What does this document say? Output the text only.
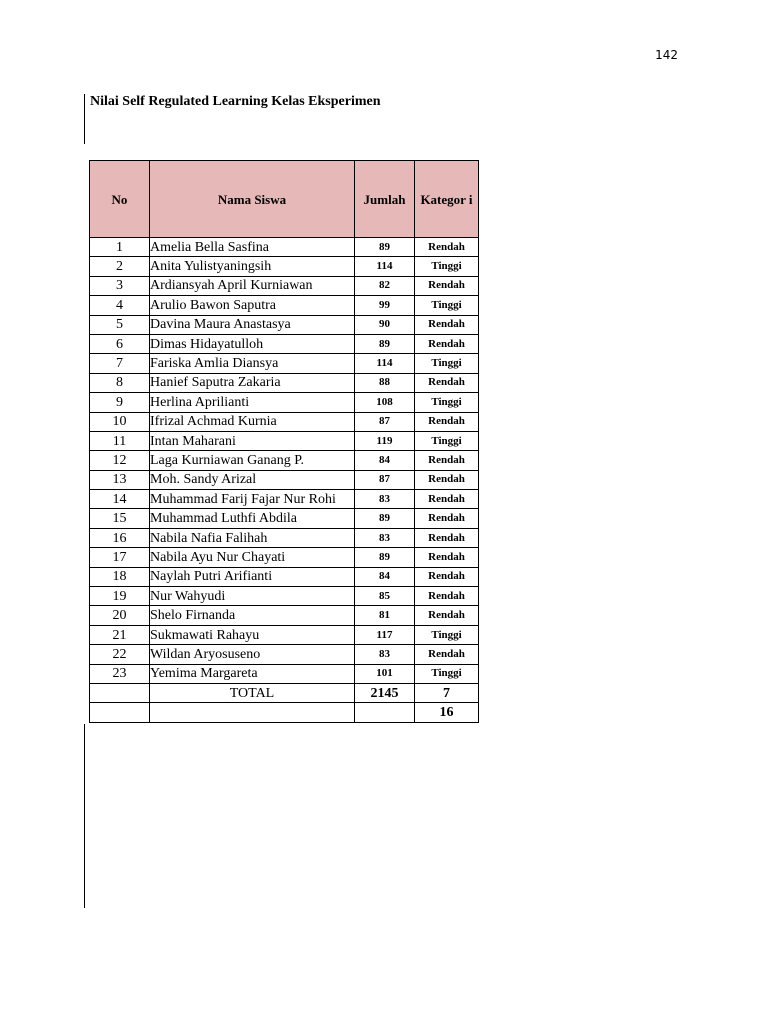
142
Nilai Self Regulated Learning Kelas Eksperimen
No	Nama Siswa	Jumlah	Kategor i
1	Amelia Bella Sasfina	89	Rendah
2	Anita Yulistyaningsih	114	Tinggi
3	Ardiansyah April Kurniawan	82	Rendah
4	Arulio Bawon Saputra	99	Tinggi
5	Davina Maura Anastasya	90	Rendah
6	Dimas Hidayatulloh	89	Rendah
7	Fariska Amlia Diansya	114	Tinggi
8	Hanief Saputra Zakaria	88	Rendah
9	Herlina Aprilianti	108	Tinggi
10	Ifrizal Achmad Kurnia	87	Rendah
11	Intan Maharani	119	Tinggi
12	Laga Kurniawan Ganang P.	84	Rendah
13	Moh. Sandy Arizal	87	Rendah
14	Muhammad Farij Fajar Nur Rohi	83	Rendah
15	Muhammad Luthfi Abdila	89	Rendah
16	Nabila Nafia Falihah	83	Rendah
17	Nabila Ayu Nur Chayati	89	Rendah
18	Naylah Putri Arifianti	84	Rendah
19	Nur Wahyudi	85	Rendah
20	Shelo Firnanda	81	Rendah
21	Sukmawati Rahayu	117	Tinggi
22	Wildan Aryosuseno	83	Rendah
23	Yemima Margareta	101	Tinggi
	TOTAL	2145	7
			16
